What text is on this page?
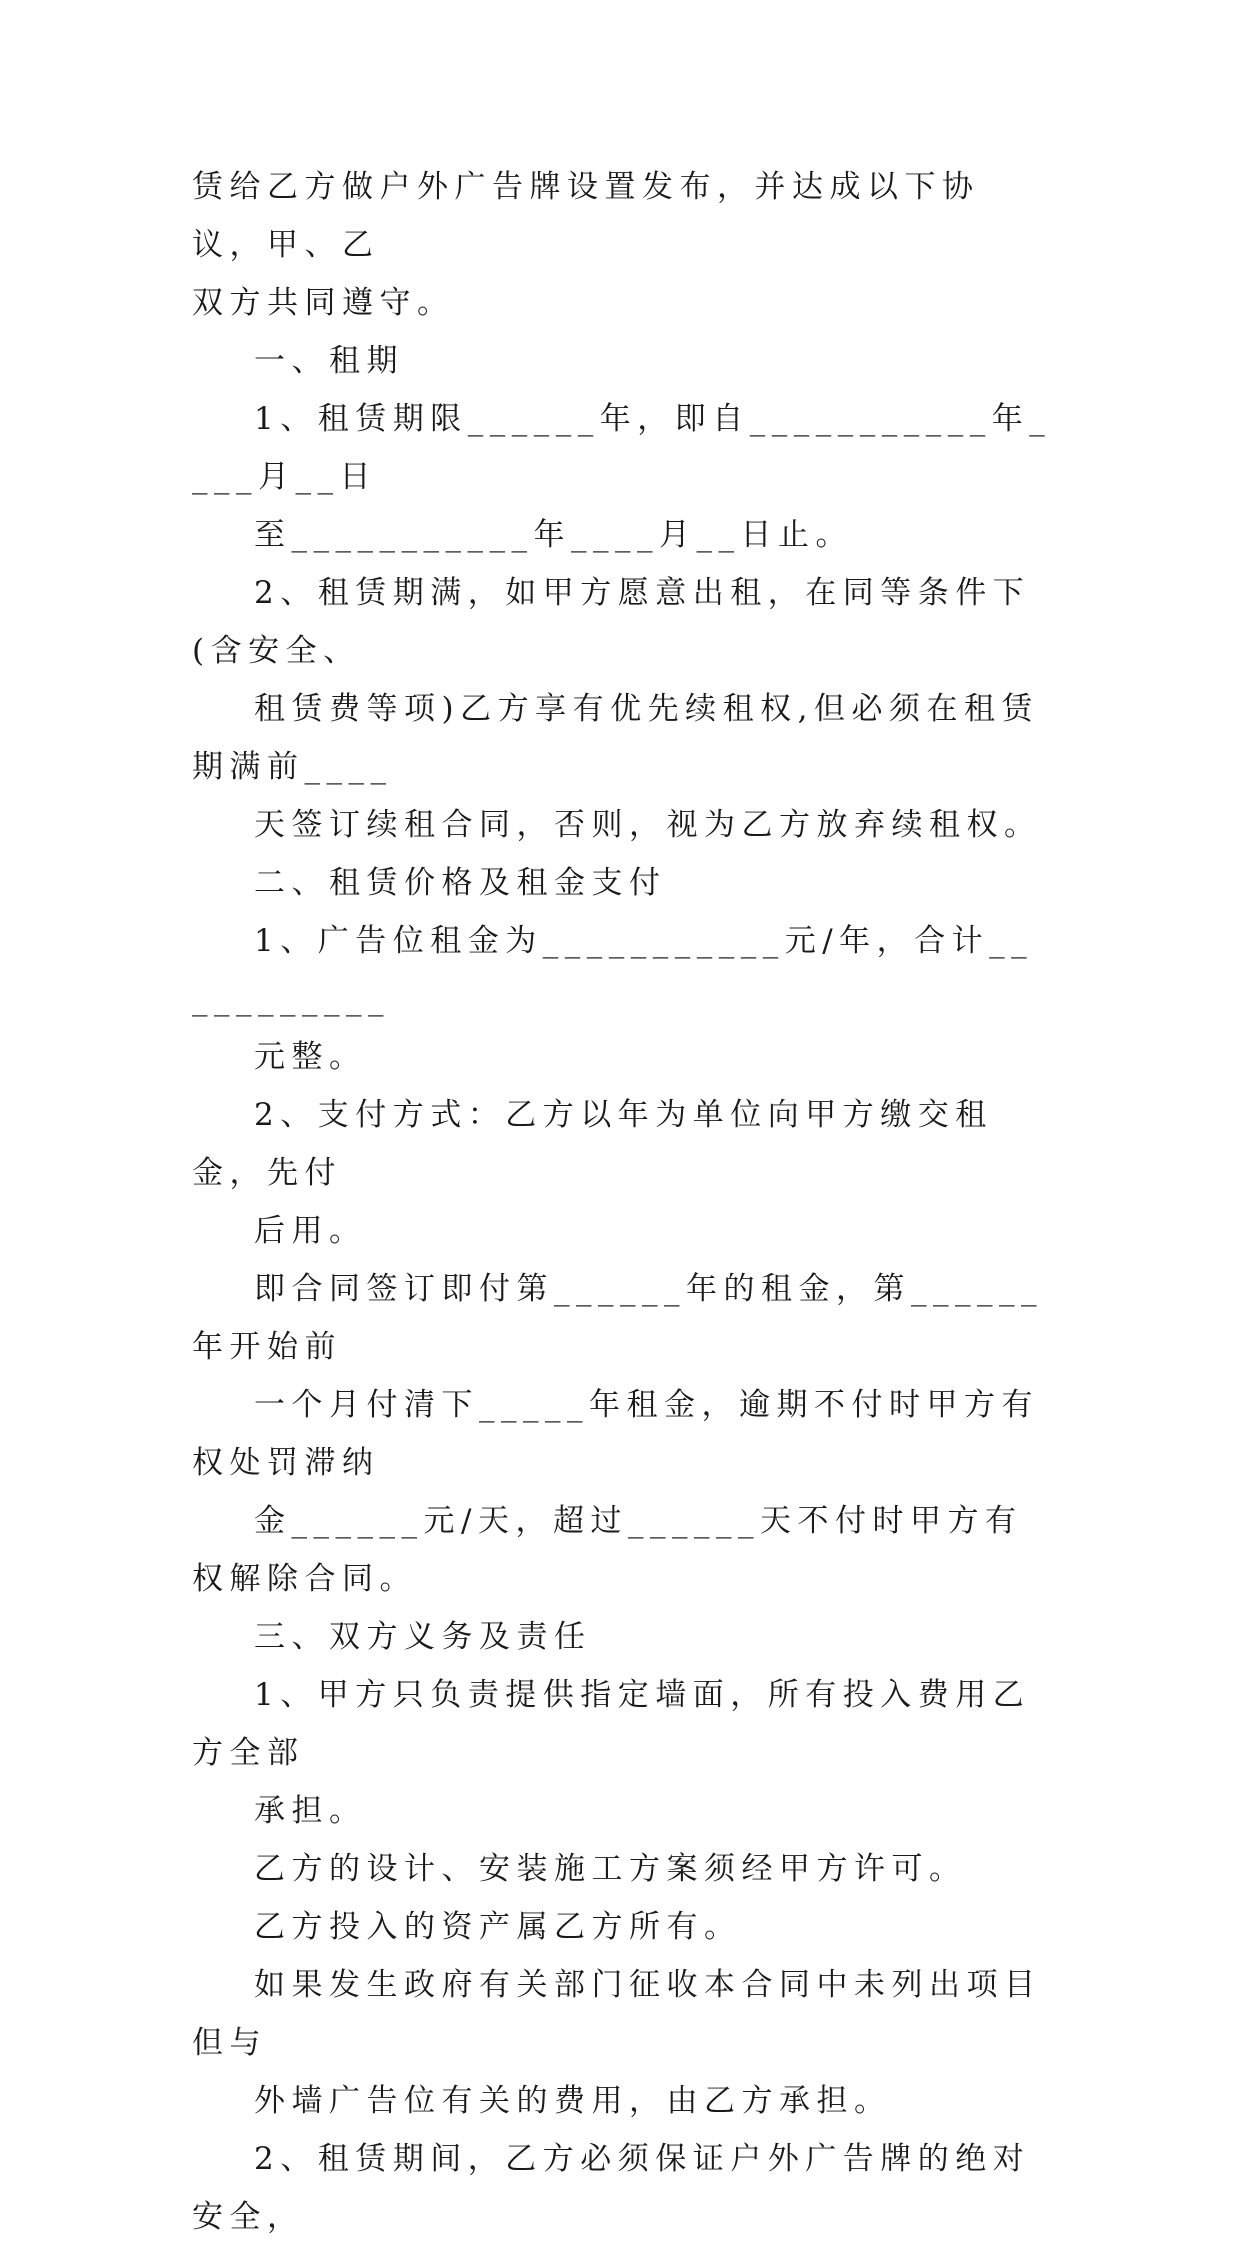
赁给乙方做户外广告牌设置发布，并达成以下协议，甲、乙
双方共同遵守。

一、租期

1、租赁期限______年，即自___________年____月__日
至___________年____月__日止。

2、租赁期满，如甲方愿意出租，在同等条件下(含安全、
租赁费等项)乙方享有优先续租权,但必须在租赁期满前____
天签订续租合同，否则，视为乙方放弃续租权。

二、租赁价格及租金支付

1、广告位租金为___________元/年，合计___________
元整。

2、支付方式：乙方以年为单位向甲方缴交租金，先付
后用。

即合同签订即付第______年的租金，第______年开始前
一个月付清下_____年租金，逾期不付时甲方有权处罚滞纳
金______元/天，超过______天不付时甲方有权解除合同。

三、双方义务及责任

1、甲方只负责提供指定墙面，所有投入费用乙方全部
承担。

乙方的设计、安装施工方案须经甲方许可。

乙方投入的资产属乙方所有。

如果发生政府有关部门征收本合同中未列出项目但与
外墙广告位有关的费用，由乙方承担。

2、租赁期间，乙方必须保证户外广告牌的绝对安全，
